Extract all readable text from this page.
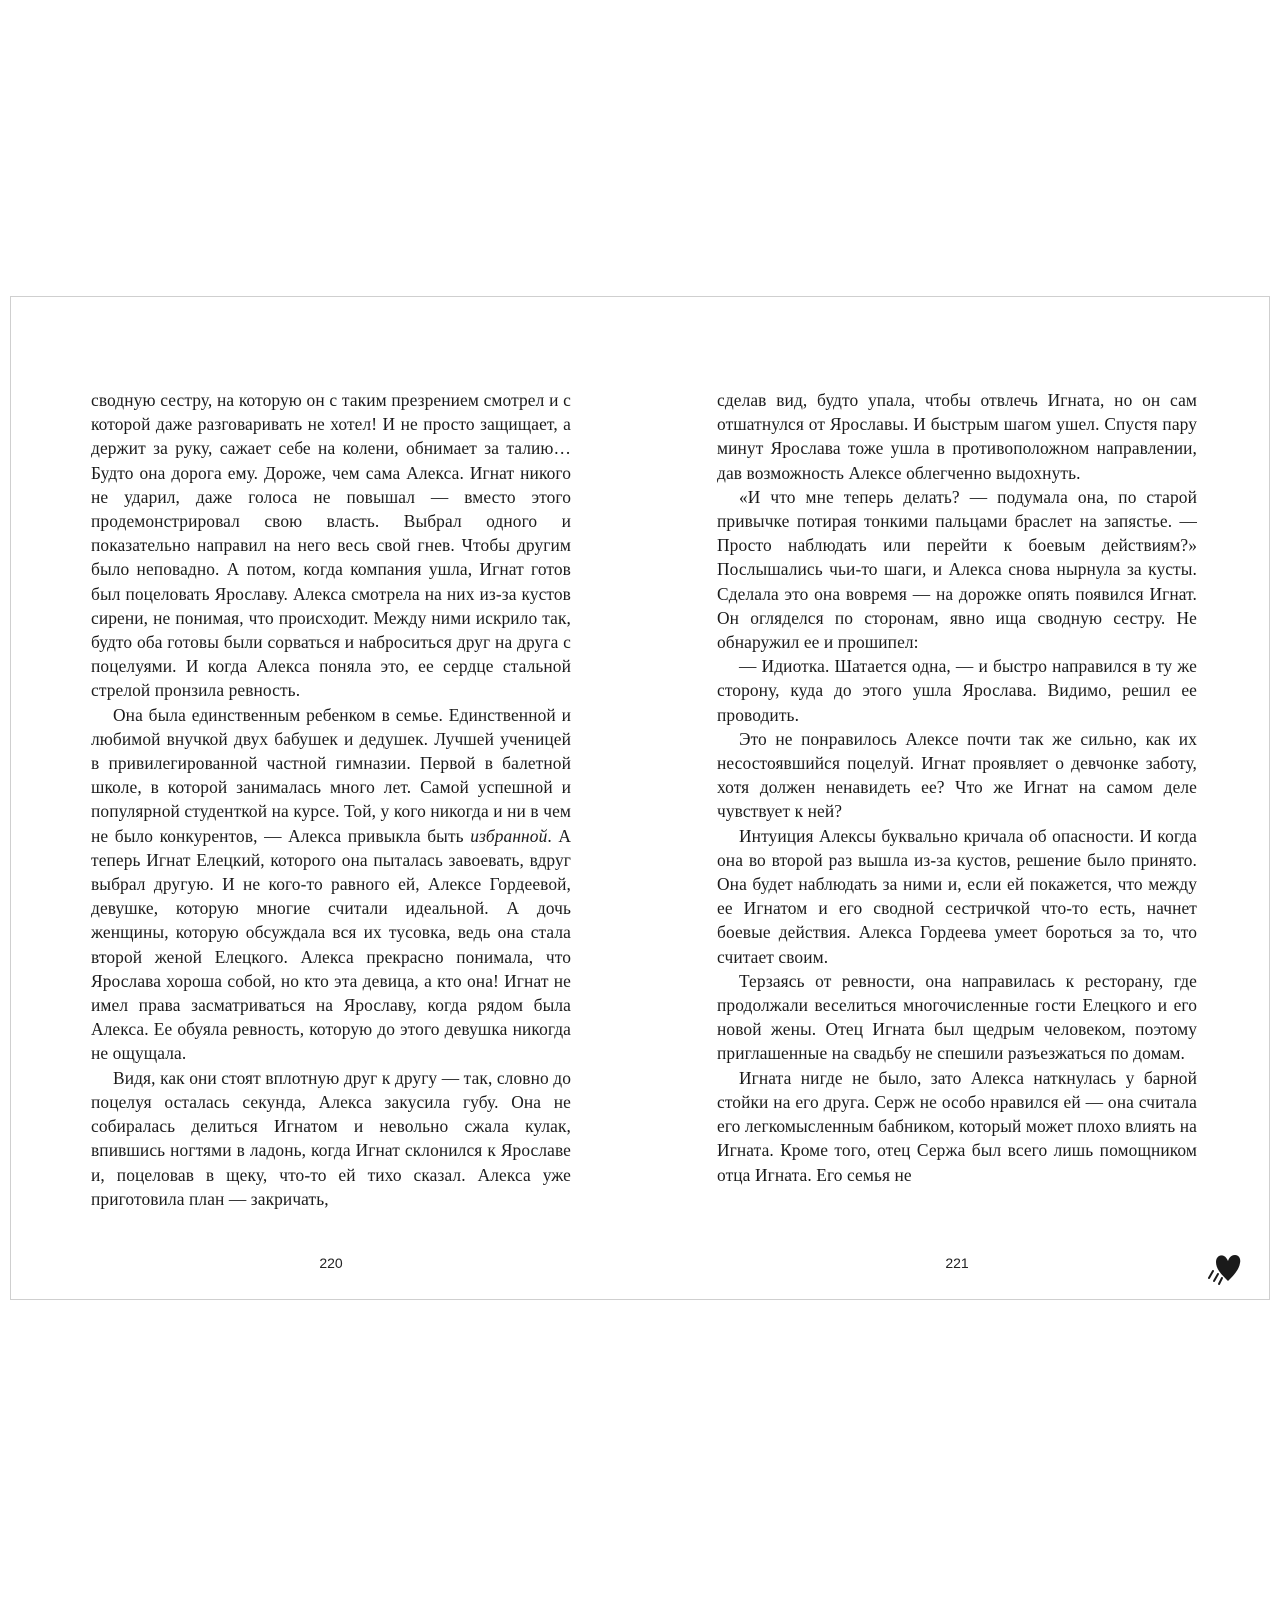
сводную сестру, на которую он с таким презрением смотрел и с которой даже разговаривать не хотел! И не просто защищает, а держит за руку, сажает себе на колени, обнимает за талию… Будто она дорога ему. Дороже, чем сама Алекса. Игнат никого не ударил, даже голоса не повышал — вместо этого продемонстрировал свою власть. Выбрал одного и показательно направил на него весь свой гнев. Чтобы другим было неповадно. А потом, когда компания ушла, Игнат готов был поцеловать Ярославу. Алекса смотрела на них из-за кустов сирени, не понимая, что происходит. Между ними искрило так, будто оба готовы были сорваться и наброситься друг на друга с поцелуями. И когда Алекса поняла это, ее сердце стальной стрелой пронзила ревность.

Она была единственным ребенком в семье. Единственной и любимой внучкой двух бабушек и дедушек. Лучшей ученицей в привилегированной частной гимназии. Первой в балетной школе, в которой занималась много лет. Самой успешной и популярной студенткой на курсе. Той, у кого никогда и ни в чем не было конкурентов, — Алекса привыкла быть избранной. А теперь Игнат Елецкий, которого она пыталась завоевать, вдруг выбрал другую. И не кого-то равного ей, Алексе Гордеевой, девушке, которую многие считали идеальной. А дочь женщины, которую обсуждала вся их тусовка, ведь она стала второй женой Елецкого. Алекса прекрасно понимала, что Ярослава хороша собой, но кто эта девица, а кто она! Игнат не имел права засматриваться на Ярославу, когда рядом была Алекса. Ее обуяла ревность, которую до этого девушка никогда не ощущала.

Видя, как они стоят вплотную друг к другу — так, словно до поцелуя осталась секунда, Алекса закусила губу. Она не собиралась делиться Игнатом и невольно сжала кулак, впившись ногтями в ладонь, когда Игнат склонился к Ярославе и, поцеловав в щеку, что-то ей тихо сказал. Алекса уже приготовила план — закричать,

сделав вид, будто упала, чтобы отвлечь Игната, но он сам отшатнулся от Ярославы. И быстрым шагом ушел. Спустя пару минут Ярослава тоже ушла в противоположном направлении, дав возможность Алексе облегченно выдохнуть.

«И что мне теперь делать? — подумала она, по старой привычке потирая тонкими пальцами браслет на запястье. — Просто наблюдать или перейти к боевым действиям?» Послышались чьи-то шаги, и Алекса снова нырнула за кусты. Сделала это она вовремя — на дорожке опять появился Игнат. Он огляделся по сторонам, явно ища сводную сестру. Не обнаружил ее и прошипел:

— Идиотка. Шатается одна, — и быстро направился в ту же сторону, куда до этого ушла Ярослава. Видимо, решил ее проводить.

Это не понравилось Алексе почти так же сильно, как их несостоявшийся поцелуй. Игнат проявляет о девчонке заботу, хотя должен ненавидеть ее? Что же Игнат на самом деле чувствует к ней?

Интуиция Алексы буквально кричала об опасности. И когда она во второй раз вышла из-за кустов, решение было принято. Она будет наблюдать за ними и, если ей покажется, что между ее Игнатом и его сводной сестричкой что-то есть, начнет боевые действия. Алекса Гордеева умеет бороться за то, что считает своим.

Терзаясь от ревности, она направилась к ресторану, где продолжали веселиться многочисленные гости Елецкого и его новой жены. Отец Игната был щедрым человеком, поэтому приглашенные на свадьбу не спешили разъезжаться по домам.

Игната нигде не было, зато Алекса наткнулась у барной стойки на его друга. Серж не особо нравился ей — она считала его легкомысленным бабником, который может плохо влиять на Игната. Кроме того, отец Сержа был всего лишь помощником отца Игната. Его семья не

220	221
